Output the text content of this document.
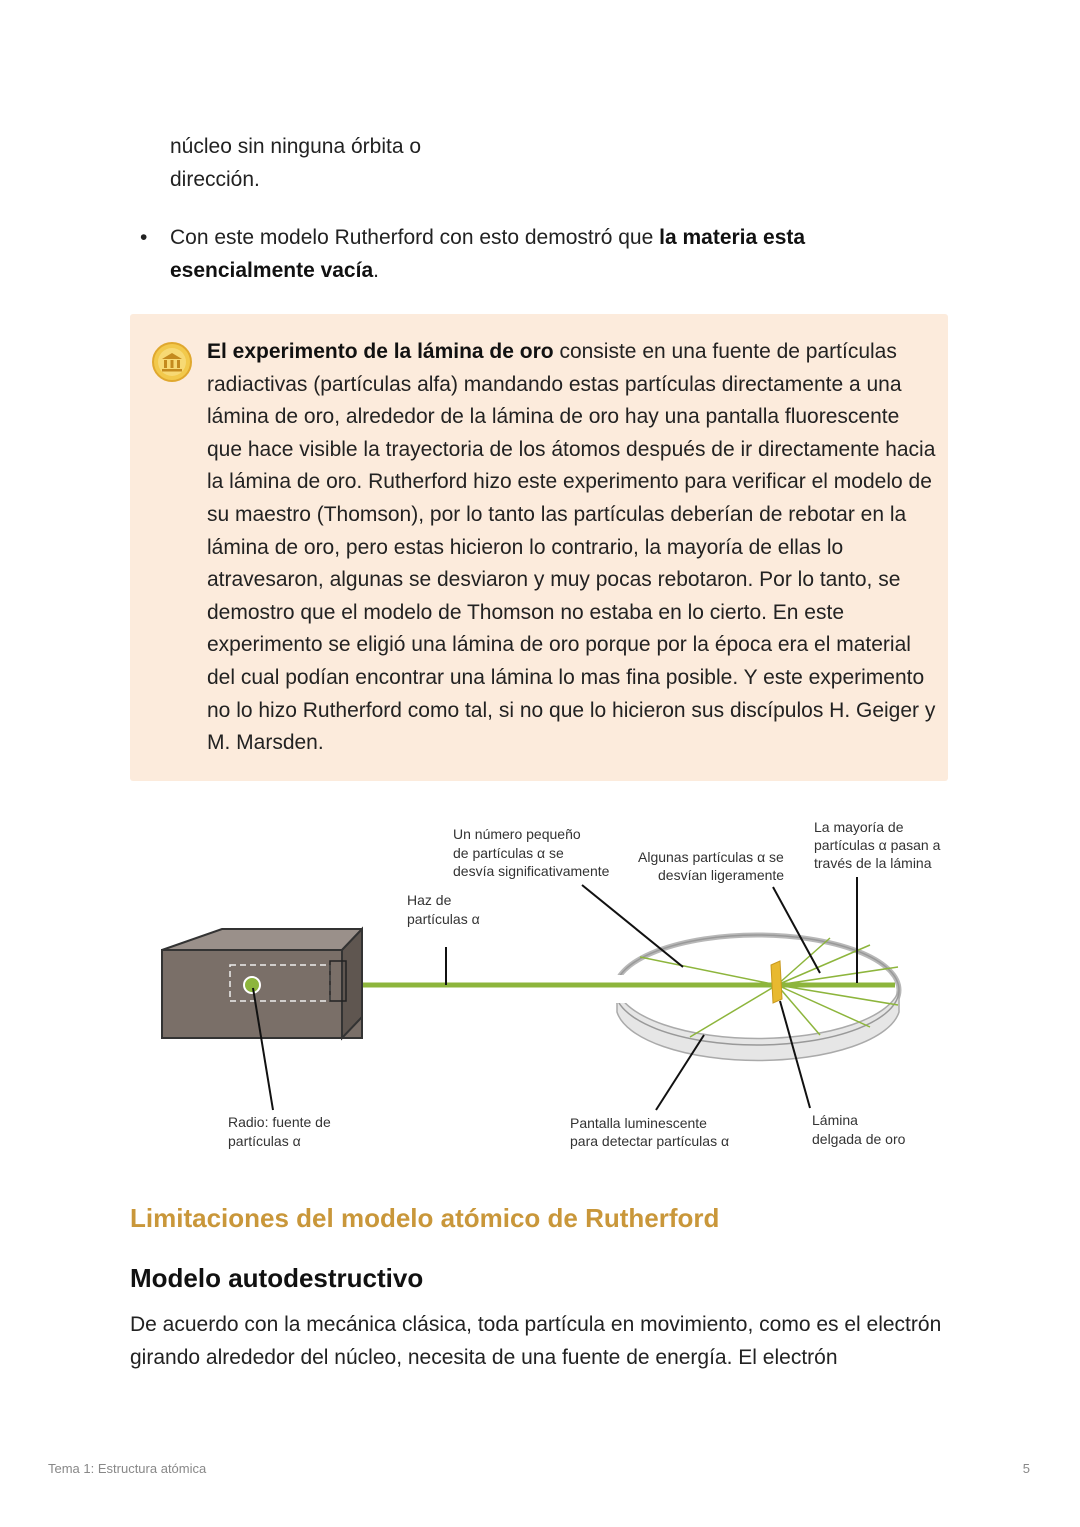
núcleo sin ninguna órbita o
dirección.
•	Con este modelo Rutherford con esto demostró que la materia esta esencialmente vacía.
El experimento de la lámina de oro consiste en una fuente de partículas radiactivas (partículas alfa) mandando estas partículas directamente a una lámina de oro, alrededor de la lámina de oro hay una pantalla fluorescente que hace visible la trayectoria de los átomos después de ir directamente hacia la lámina de oro. Rutherford hizo este experimento para verificar el modelo de su maestro (Thomson), por lo tanto las partículas deberían de rebotar en la lámina de oro, pero estas hicieron lo contrario, la mayoría de ellas lo atravesaron, algunas se desviaron y muy pocas rebotaron. Por lo tanto, se demostro que el modelo de Thomson no estaba en lo cierto. En este experimento se eligió una lámina de oro porque por la época era el material del cual podían encontrar una lámina lo mas fina posible. Y este experimento no lo hizo Rutherford como tal, si no que lo hicieron sus discípulos H. Geiger y M. Marsden.
Un número pequeño de partículas α se desvía significativamente
Haz de partículas α
Algunas partículas α se desvían ligeramente
La mayoría de partículas α pasan a través de la lámina
Radio: fuente de partículas α
Pantalla luminescente para detectar partículas α
Lámina delgada de oro
Limitaciones del modelo atómico de Rutherford
Modelo autodestructivo
De acuerdo con la mecánica clásica, toda partícula en movimiento, como es el electrón girando alrededor del núcleo, necesita de una fuente de energía. El electrón
Tema 1: Estructura atómica	5
